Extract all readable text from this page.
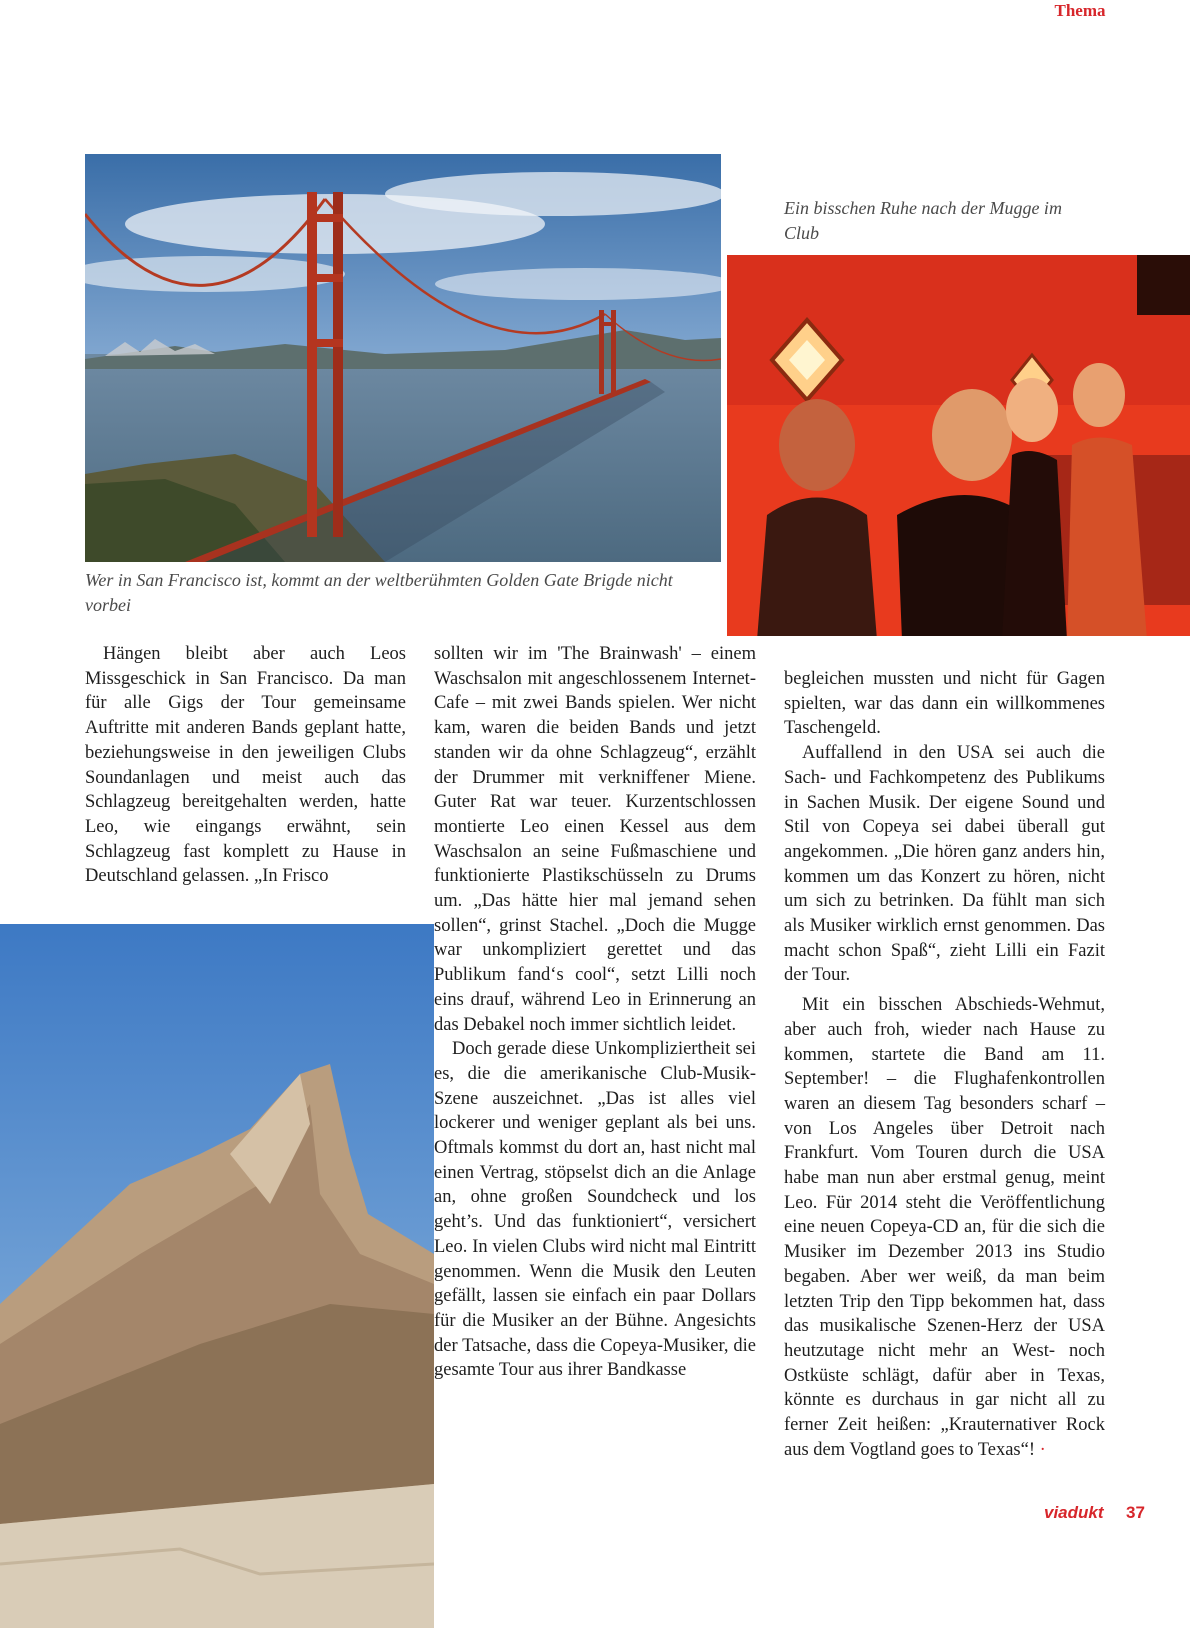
Thema
Wer in San Francisco ist, kommt an der weltberühmten Golden Gate Brigde nicht vorbei
Ein bisschen Ruhe nach der Mugge im Club

Hängen bleibt aber auch Leos Missgeschick in San Francisco. Da man für alle Gigs der Tour gemeinsame Auftritte mit anderen Bands geplant hatte, beziehungsweise in den jeweiligen Clubs Soundanlagen und meist auch das Schlagzeug bereitgehalten werden, hatte Leo, wie eingangs erwähnt, sein Schlagzeug fast komplett zu Hause in Deutschland gelassen. „In Frisco

sollten wir im 'The Brainwash' – einem Waschsalon mit angeschlossenem Internet-Cafe – mit zwei Bands spielen. Wer nicht kam, waren die beiden Bands und jetzt standen wir da ohne Schlagzeug“, erzählt der Drummer mit verkniffener Miene. Guter Rat war teuer. Kurzentschlossen montierte Leo einen Kessel aus dem Waschsalon an seine Fußmaschiene und funktionierte Plastikschüsseln zu Drums um. „Das hätte hier mal jemand sehen sollen“, grinst Stachel. „Doch die Mugge war unkompliziert gerettet und das Publikum fand‘s cool“, setzt Lilli noch eins drauf, während Leo in Erinnerung an das Debakel noch immer sichtlich leidet.

Doch gerade diese Unkompliziertheit sei es, die die amerikanische Club-Musik-Szene auszeichnet. „Das ist alles viel lockerer und weniger geplant als bei uns. Oftmals kommst du dort an, hast nicht mal einen Vertrag, stöpselst dich an die Anlage an, ohne großen Soundcheck und los geht’s. Und das funktioniert“, versichert Leo. In vielen Clubs wird nicht mal Eintritt genommen. Wenn die Musik den Leuten gefällt, lassen sie einfach ein paar Dollars für die Musiker an der Bühne. Angesichts der Tatsache, dass die Copeya-Musiker, die gesamte Tour aus ihrer Bandkasse

begleichen mussten und nicht für Gagen spielten, war das dann ein willkommenes Taschengeld.

Auffallend in den USA sei auch die Sach- und Fachkompetenz des Publikums in Sachen Musik. Der eigene Sound und Stil von Copeya sei dabei überall gut angekommen. „Die hören ganz anders hin, kommen um das Konzert zu hören, nicht um sich zu betrinken. Da fühlt man sich als Musiker wirklich ernst genommen. Das macht schon Spaß“, zieht Lilli ein Fazit der Tour.

Mit ein bisschen Abschieds-Wehmut, aber auch froh, wieder nach Hause zu kommen, startete die Band am 11. September! – die Flughafenkontrollen waren an diesem Tag besonders scharf – von Los Angeles über Detroit nach Frankfurt. Vom Touren durch die USA habe man nun aber erstmal genug, meint Leo. Für 2014 steht die Veröffentlichung eine neuen Copeya-CD an, für die sich die Musiker im Dezember 2013 ins Studio begaben. Aber wer weiß, da man beim letzten Trip den Tipp bekommen hat, dass das musikalische Szenen-Herz der USA heutzutage nicht mehr an West- noch Ostküste schlägt, dafür aber in Texas, könnte es durchaus in gar nicht all zu ferner Zeit heißen: „Krauternativer Rock aus dem Vogtland goes to Texas“! ·

viadukt 37
